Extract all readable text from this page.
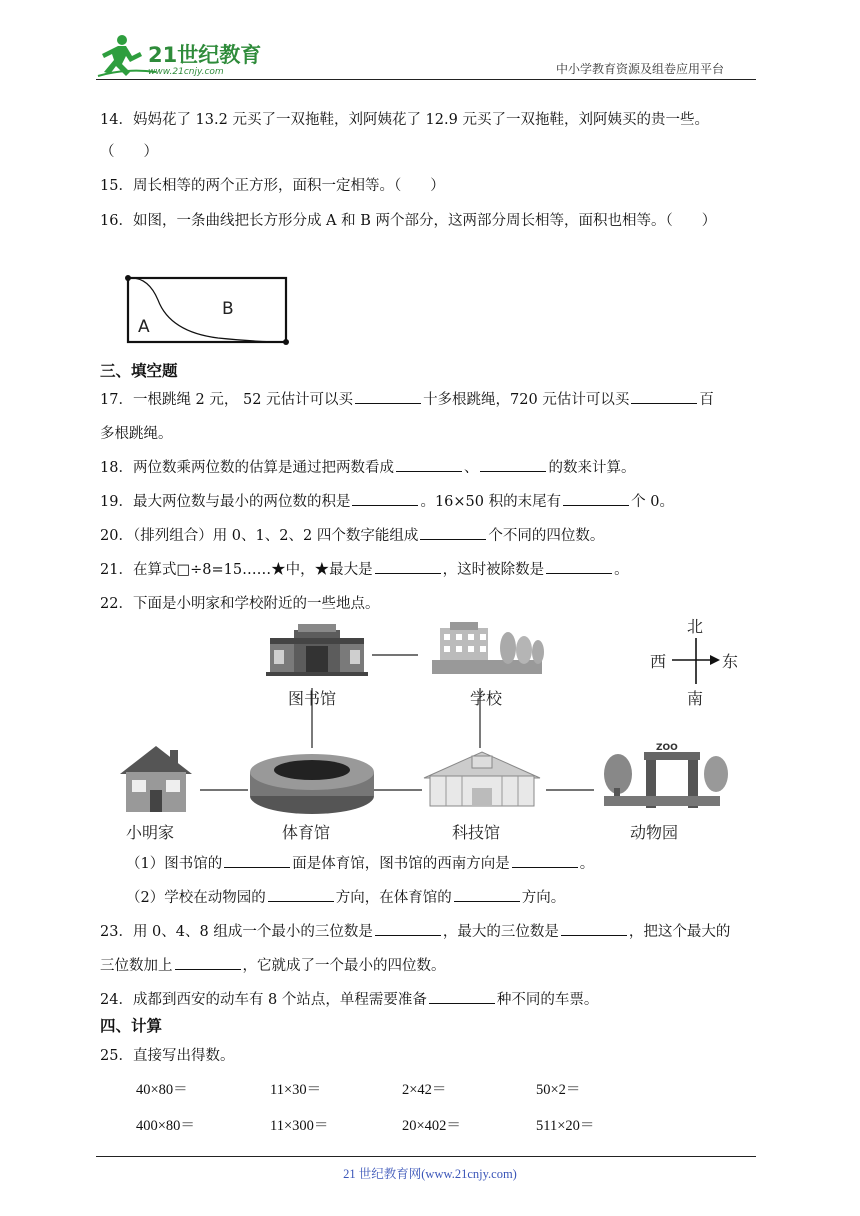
21世纪教育
www.21cnjy.com	中小学教育资源及组卷应用平台
14．妈妈花了 13.2 元买了一双拖鞋，刘阿姨花了 12.9 元买了一双拖鞋，刘阿姨买的贵一些。
（　　）
15．周长相等的两个正方形，面积一定相等。（　　）
16．如图，一条曲线把长方形分成 A 和 B 两个部分，这两部分周长相等，面积也相等。（　　）
A
B
三、填空题
17．一根跳绳 2 元， 52 元估计可以买	十多根跳绳，720 元估计可以买	百
多根跳绳。
18．两位数乘两位数的估算是通过把两数看成	、	的数来计算。
19．最大两位数与最小的两位数的积是	。16×50 积的末尾有	个 0。
20．（排列组合）用 0、1、2、2 四个数字能组成	个不同的四位数。
21．在算式□÷8=15……★中，★最大是	，这时被除数是	。
22．下面是小明家和学校附近的一些地点。
北
南
西	东
图书馆	学校
ZOO
小明家	体育馆	科技馆	动物园
（1）图书馆的	面是体育馆，图书馆的西南方向是	。
（2）学校在动物园的	方向，在体育馆的	方向。
23．用 0、4、8 组成一个最小的三位数是	，最大的三位数是	，把这个最大的
三位数加上	，它就成了一个最小的四位数。
24．成都到西安的动车有 8 个站点，单程需要准备	种不同的车票。
四、计算
25．直接写出得数。
40×80＝	11×30＝	2×42＝	50×2＝
400×80＝	11×300＝	20×402＝	511×20＝
21 世纪教育网(www.21cnjy.com)
